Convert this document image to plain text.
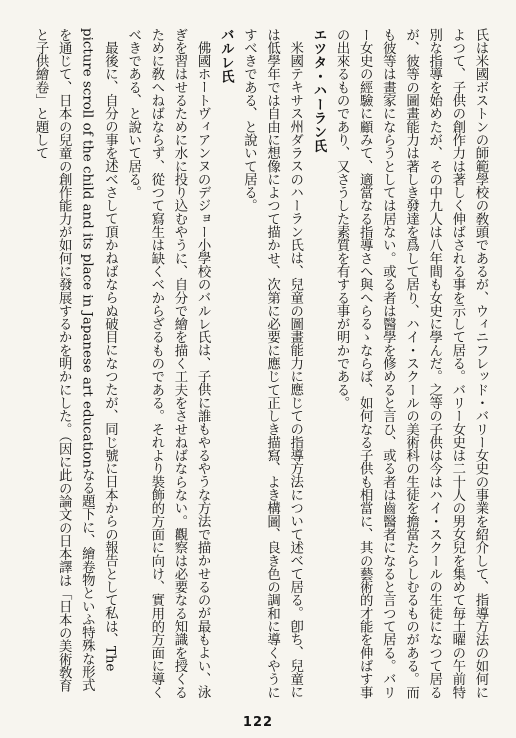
氏は米國ボストンの師範學校の敎頭であるが、ウィニフレッド・バリー女史の事業を紹介して、指導方法の如何によつて、子供の創作力は著しく伸ばされる事を示して居る。バリー女史は二十人の男女兒を集めて毎土曜の午前特別な指導を始めたが、その中九人は八年間も女史に學んだ。之等の子供は今はハイ・スクールの生徒になつて居るが、彼等の圖畫能力は著しき發達を爲して居り、ハイ・スクールの美術科の生徒を擔當たらしむるものがある。而も彼等は畫家にならうとしては居ない。或る者は醫學を修めると言ひ、或る者は齒醫者になると言つて居る。バリー女史の經驗に顧みて、適當なる指導さへ與へらるゝならば、如何なる子供も相當に、其の藝術的才能を伸ばす事の出來るものであり、又さうした素質を有する事が明かである。

エツタ・ハーラン氏

米國テキサス州ダラスのハーラン氏は、兒童の圖畫能力に應じての指導方法について述べて居る。卽ち、兒童には低學年では自由に想像によつて描かせ、次第に必要に應じて正しき描寫、よき構圖、良き色の調和に導くやうにすべきである、と說いて居る。

バルレ氏

佛國ホートヴィアンヌのデジョー小學校のバルレ氏は、子供に誰もやるやうな方法で描かせるのが最もよい、泳ぎを習はせるために水に投り込むやうに、自分で繪を描く工夫をさせねばならない。觀察は必要なる知識を授くるために敎へねばならず、從つて寫生は缺くべからざるものである。それより裝飾的方面に向け、實用的方面に導くべきである、と說いて居る。

最後に、自分の事を述べさして頂かねばならぬ破目になつたが、同じ號に日本からの報告として私は、The picture scroll of the child and its place in Japanese art educationなる題下に、繪卷物といふ特殊な形式を通じて、日本の兒童の創作能力が如何に發展するかを明かにした。（因に此の論文の日本譯は「日本の美術敎育と子供繪卷」と題して

122
